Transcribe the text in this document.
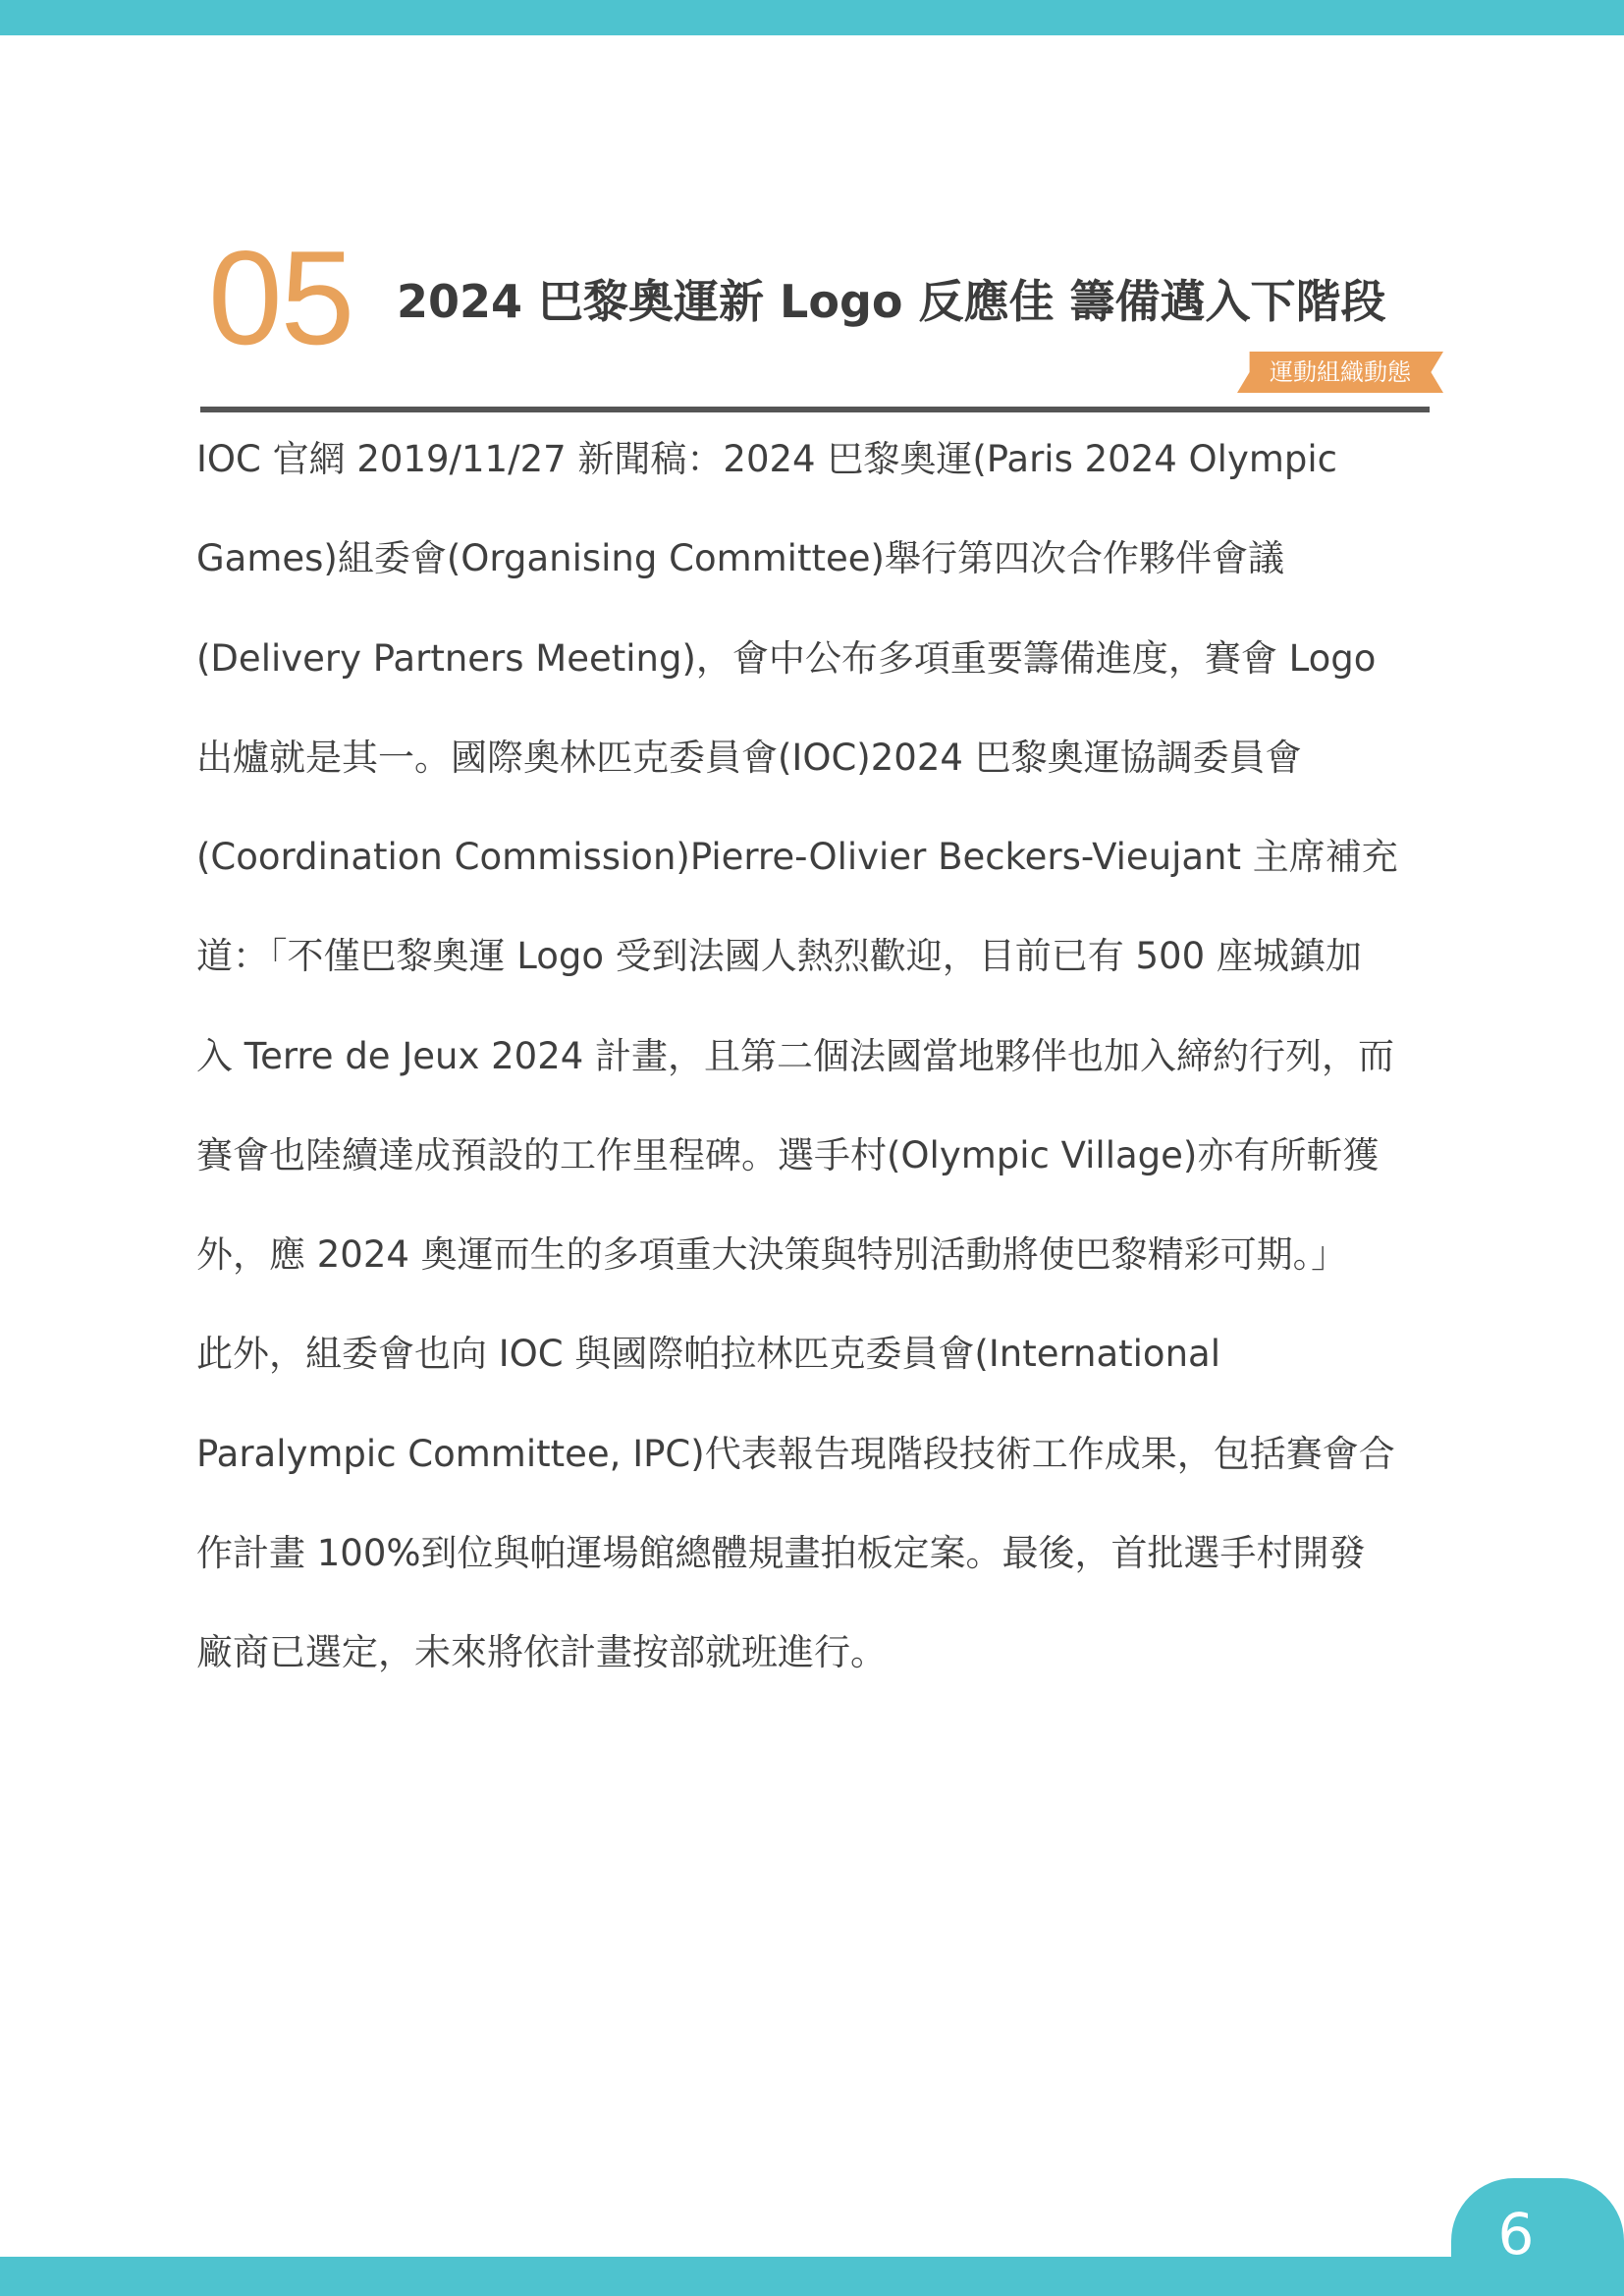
05 2024 巴黎奧運新 Logo 反應佳 籌備邁入下階段
運動組織動態
IOC 官網 2019/11/27 新聞稿：2024 巴黎奧運(Paris 2024 Olympic
Games)組委會(Organising Committee)舉行第四次合作夥伴會議
(Delivery Partners Meeting)，會中公布多項重要籌備進度，賽會 Logo
出爐就是其一。國際奧林匹克委員會(IOC)2024 巴黎奧運協調委員會
(Coordination Commission)Pierre-Olivier Beckers-Vieujant 主席補充
道：「不僅巴黎奧運 Logo 受到法國人熱烈歡迎，目前已有 500 座城鎮加
入 Terre de Jeux 2024 計畫，且第二個法國當地夥伴也加入締約行列，而
賽會也陸續達成預設的工作里程碑。選手村(Olympic Village)亦有所斬獲
外，應 2024 奧運而生的多項重大決策與特別活動將使巴黎精彩可期。」
此外，組委會也向 IOC 與國際帕拉林匹克委員會(International
Paralympic Committee, IPC)代表報告現階段技術工作成果，包括賽會合
作計畫 100%到位與帕運場館總體規畫拍板定案。最後，首批選手村開發
廠商已選定，未來將依計畫按部就班進行。
6
